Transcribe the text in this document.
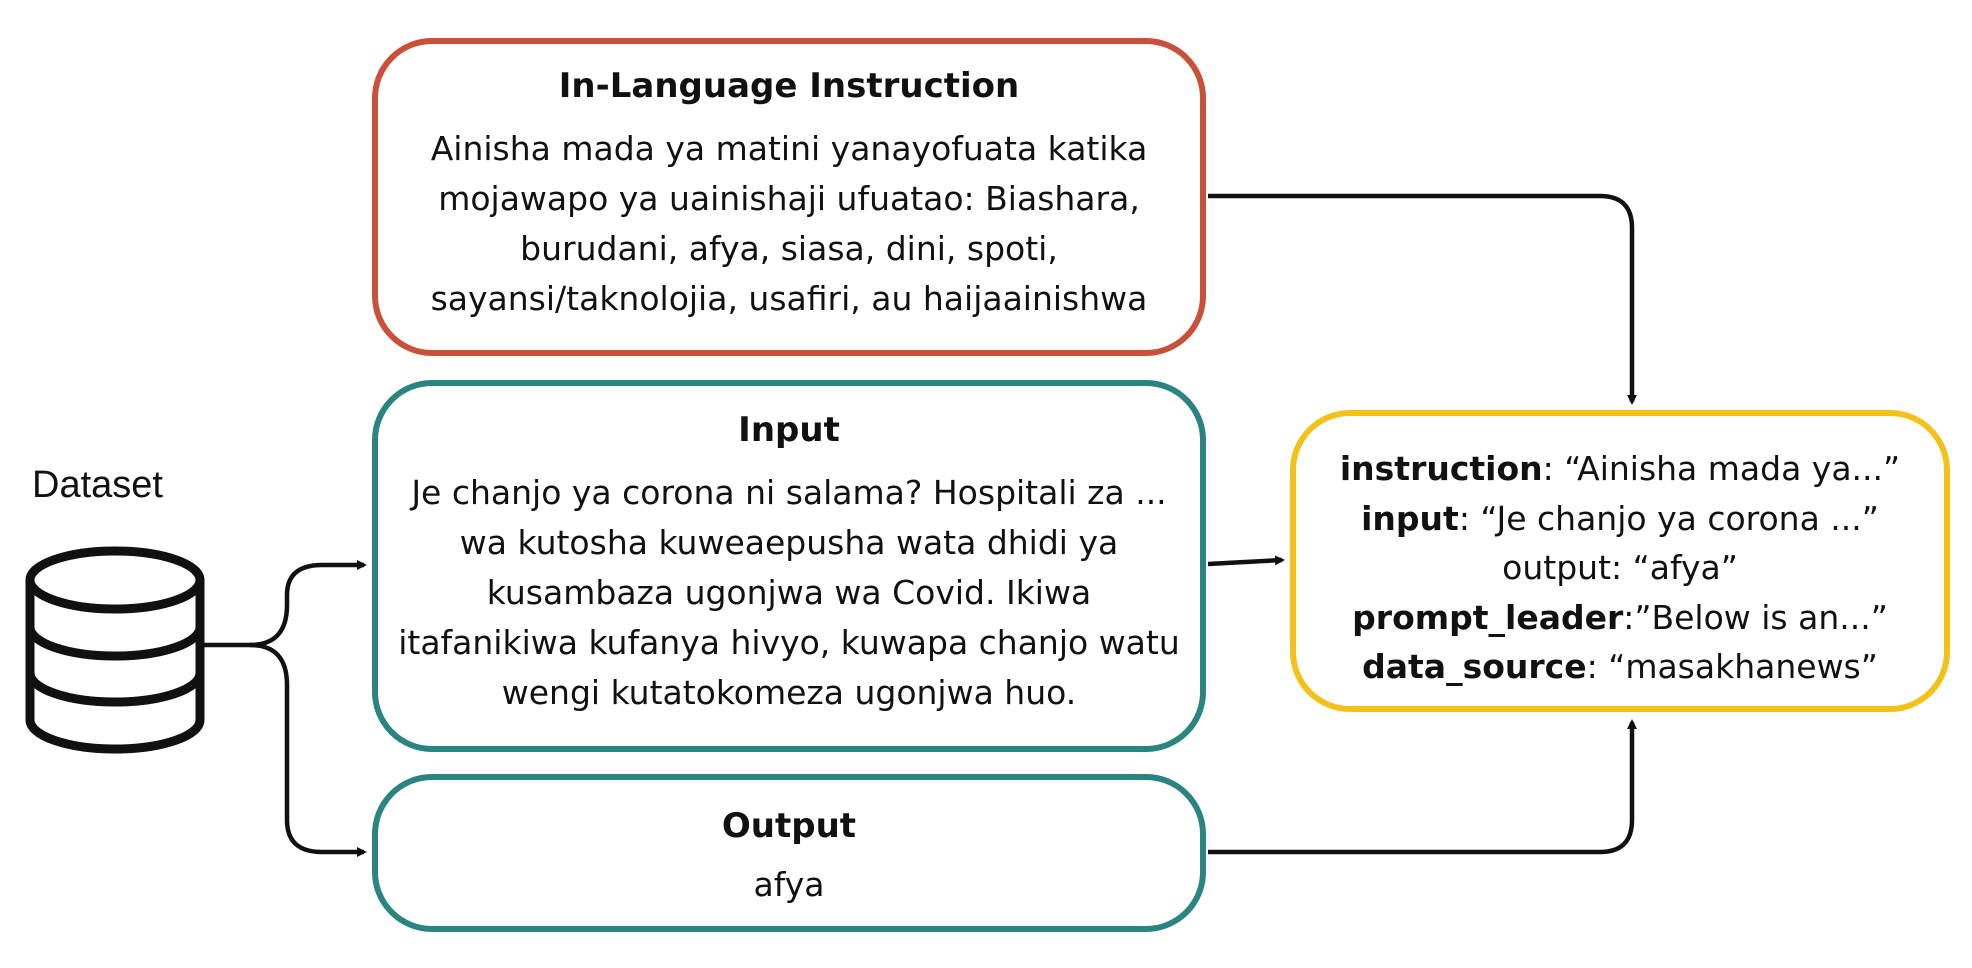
Dataset
In-Language Instruction
Ainisha mada ya matini yanayofuata katika mojawapo ya uainishaji ufuatao: Biashara, burudani, afya, siasa, dini, spoti, sayansi/taknolojia, usafiri, au haijaainishwa
Input
Je chanjo ya corona ni salama? Hospitali za ... wa kutosha kuweaepusha wata dhidi ya kusambaza ugonjwa wa Covid. Ikiwa itafanikiwa kufanya hivyo, kuwapa chanjo watu wengi kutatokomeza ugonjwa huo.
Output
afya
instruction: “Ainisha mada ya...”
input: “Je chanjo ya corona ...”
output: “afya”
prompt_leader:”Below is an...”
data_source: “masakhanews”
